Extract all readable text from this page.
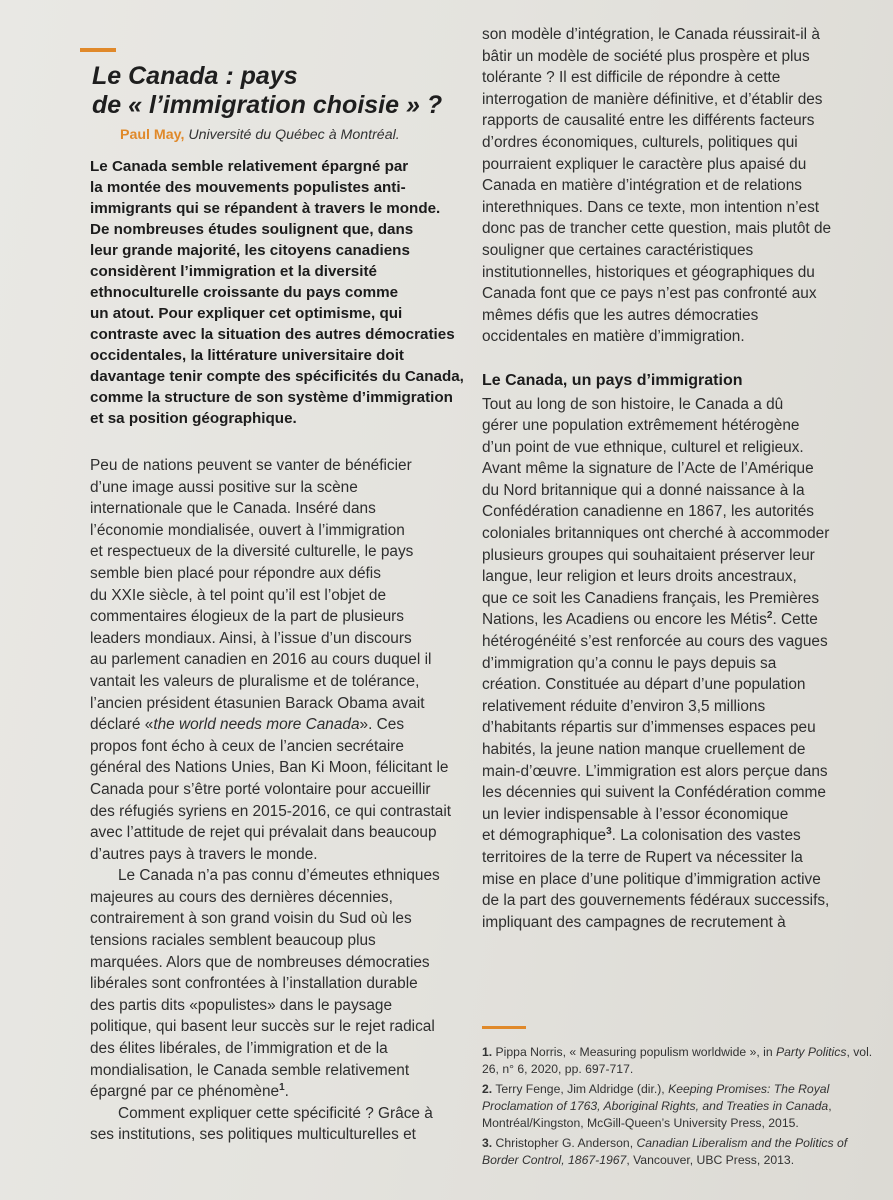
Le Canada : pays
de « l’immigration choisie » ?
Paul May, Université du Québec à Montréal.
Le Canada semble relativement épargné par
la montée des mouvements populistes anti-
immigrants qui se répandent à travers le monde.
De nombreuses études soulignent que, dans
leur grande majorité, les citoyens canadiens
considèrent l’immigration et la diversité
ethnoculturelle croissante du pays comme
un atout. Pour expliquer cet optimisme, qui
contraste avec la situation des autres démocraties
occidentales, la littérature universitaire doit
davantage tenir compte des spécificités du Canada,
comme la structure de son système d’immigration
et sa position géographique.
Peu de nations peuvent se vanter de bénéficier
d’une image aussi positive sur la scène
internationale que le Canada. Inséré dans
l’économie mondialisée, ouvert à l’immigration
et respectueux de la diversité culturelle, le pays
semble bien placé pour répondre aux défis
du XXIe siècle, à tel point qu’il est l’objet de
commentaires élogieux de la part de plusieurs
leaders mondiaux. Ainsi, à l’issue d’un discours
au parlement canadien en 2016 au cours duquel il
vantait les valeurs de pluralisme et de tolérance,
l’ancien président étasunien Barack Obama avait
déclaré «the world needs more Canada». Ces
propos font écho à ceux de l’ancien secrétaire
général des Nations Unies, Ban Ki Moon, félicitant le
Canada pour s’être porté volontaire pour accueillir
des réfugiés syriens en 2015-2016, ce qui contrastait
avec l’attitude de rejet qui prévalait dans beaucoup
d’autres pays à travers le monde.
Le Canada n’a pas connu d’émeutes ethniques
majeures au cours des dernières décennies,
contrairement à son grand voisin du Sud où les
tensions raciales semblent beaucoup plus
marquées. Alors que de nombreuses démocraties
libérales sont confrontées à l’installation durable
des partis dits «populistes» dans le paysage
politique, qui basent leur succès sur le rejet radical
des élites libérales, de l’immigration et de la
mondialisation, le Canada semble relativement
épargné par ce phénomène$^1$.
Comment expliquer cette spécificité ? Grâce à
ses institutions, ses politiques multiculturelles et
son modèle d’intégration, le Canada réussirait-il à
bâtir un modèle de société plus prospère et plus
tolérante ? Il est difficile de répondre à cette
interrogation de manière définitive, et d’établir des
rapports de causalité entre les différents facteurs
d’ordres économiques, culturels, politiques qui
pourraient expliquer le caractère plus apaisé du
Canada en matière d’intégration et de relations
interethniques. Dans ce texte, mon intention n’est
donc pas de trancher cette question, mais plutôt de
souligner que certaines caractéristiques
institutionnelles, historiques et géographiques du
Canada font que ce pays n’est pas confronté aux
mêmes défis que les autres démocraties
occidentales en matière d’immigration.
Le Canada, un pays d’immigration
Tout au long de son histoire, le Canada a dû
gérer une population extrêmement hétérogène
d’un point de vue ethnique, culturel et religieux.
Avant même la signature de l’Acte de l’Amérique
du Nord britannique qui a donné naissance à la
Confédération canadienne en 1867, les autorités
coloniales britanniques ont cherché à accommoder
plusieurs groupes qui souhaitaient préserver leur
langue, leur religion et leurs droits ancestraux,
que ce soit les Canadiens français, les Premières
Nations, les Acadiens ou encore les Métis$^2$. Cette
hétérogénéité s’est renforcée au cours des vagues
d’immigration qu’a connu le pays depuis sa
création. Constituée au départ d’une population
relativement réduite d’environ 3,5 millions
d’habitants répartis sur d’immenses espaces peu
habités, la jeune nation manque cruellement de
main-d’œuvre. L’immigration est alors perçue dans
les décennies qui suivent la Confédération comme
un levier indispensable à l’essor économique
et démographique$^3$. La colonisation des vastes
territoires de la terre de Rupert va nécessiter la
mise en place d’une politique d’immigration active
de la part des gouvernements fédéraux successifs,
impliquant des campagnes de recrutement à
1. Pippa Norris, « Measuring populism worldwide », in Party Politics, vol. 26, n° 6, 2020, pp. 697-717.
2. Terry Fenge, Jim Aldridge (dir.), Keeping Promises: The Royal Proclamation of 1763, Aboriginal Rights, and Treaties in Canada, Montréal/Kingston, McGill-Queen’s University Press, 2015.
3. Christopher G. Anderson, Canadian Liberalism and the Politics of Border Control, 1867-1967, Vancouver, UBC Press, 2013.
